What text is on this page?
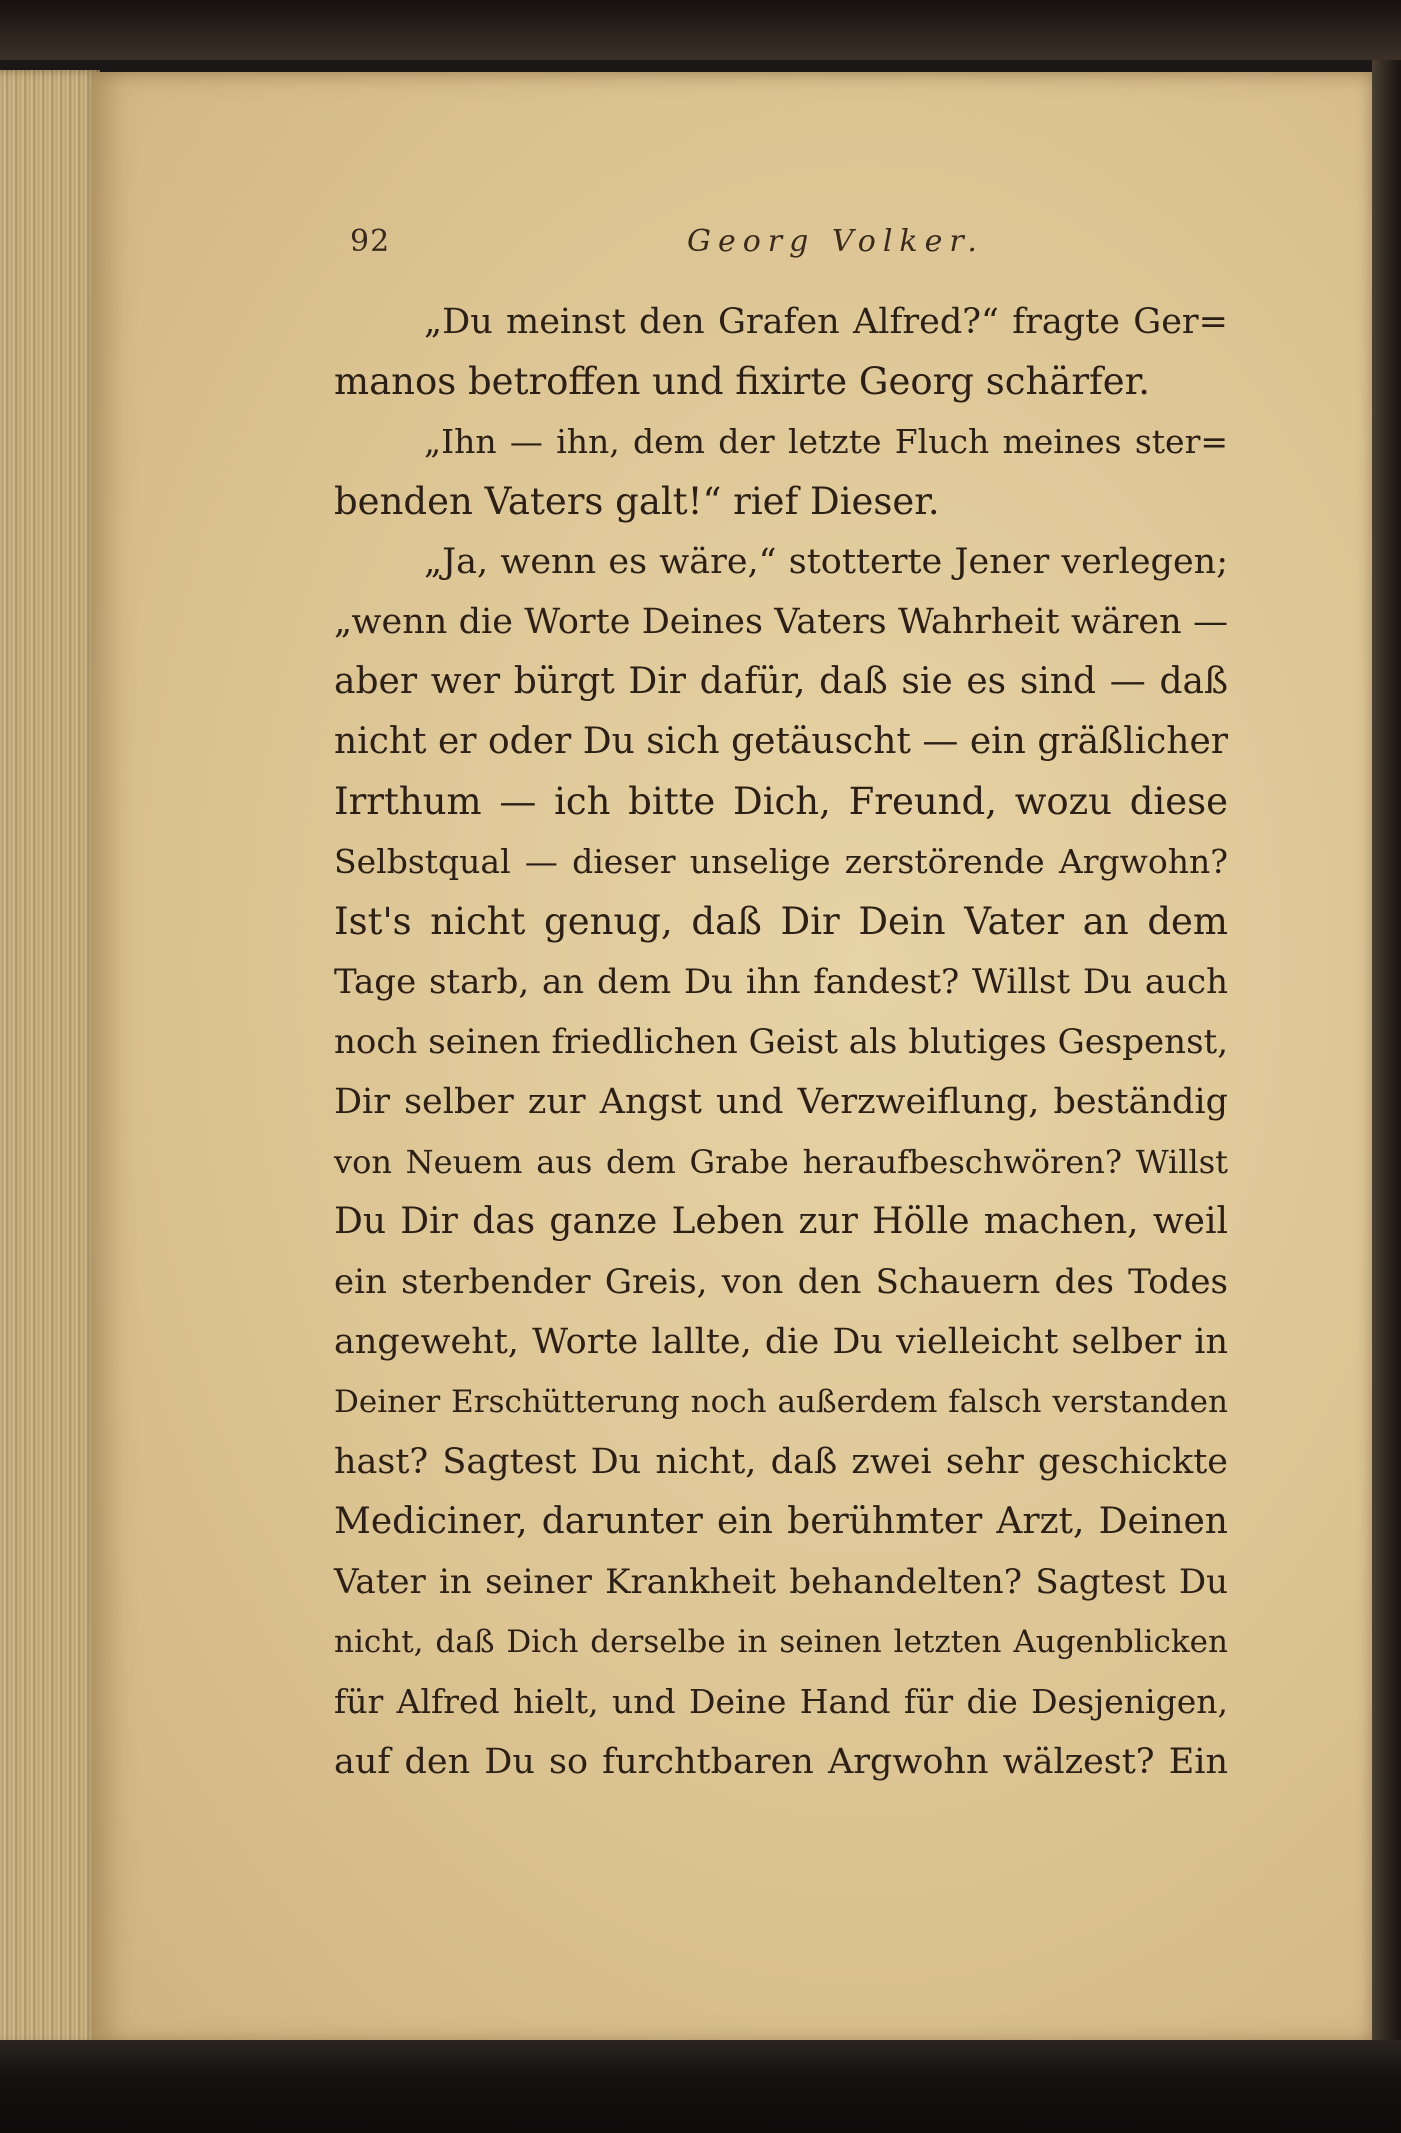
92	Georg Volker.
„Du meinst den Grafen Alfred?“ fragte Ger=
manos betroffen und fixirte Georg schärfer.
„Ihn — ihn, dem der letzte Fluch meines ster=
benden Vaters galt!“ rief Dieser.
„Ja, wenn es wäre,“ stotterte Jener verlegen;
„wenn die Worte Deines Vaters Wahrheit wären —
aber wer bürgt Dir dafür, daß sie es sind — daß
nicht er oder Du sich getäuscht — ein gräßlicher
Irrthum — ich bitte Dich, Freund, wozu diese
Selbstqual — dieser unselige zerstörende Argwohn?
Ist's nicht genug, daß Dir Dein Vater an dem
Tage starb, an dem Du ihn fandest? Willst Du auch
noch seinen friedlichen Geist als blutiges Gespenst,
Dir selber zur Angst und Verzweiflung, beständig
von Neuem aus dem Grabe heraufbeschwören? Willst
Du Dir das ganze Leben zur Hölle machen, weil
ein sterbender Greis, von den Schauern des Todes
angeweht, Worte lallte, die Du vielleicht selber in
Deiner Erschütterung noch außerdem falsch verstanden
hast? Sagtest Du nicht, daß zwei sehr geschickte
Mediciner, darunter ein berühmter Arzt, Deinen
Vater in seiner Krankheit behandelten? Sagtest Du
nicht, daß Dich derselbe in seinen letzten Augenblicken
für Alfred hielt, und Deine Hand für die Desjenigen,
auf den Du so furchtbaren Argwohn wälzest? Ein
